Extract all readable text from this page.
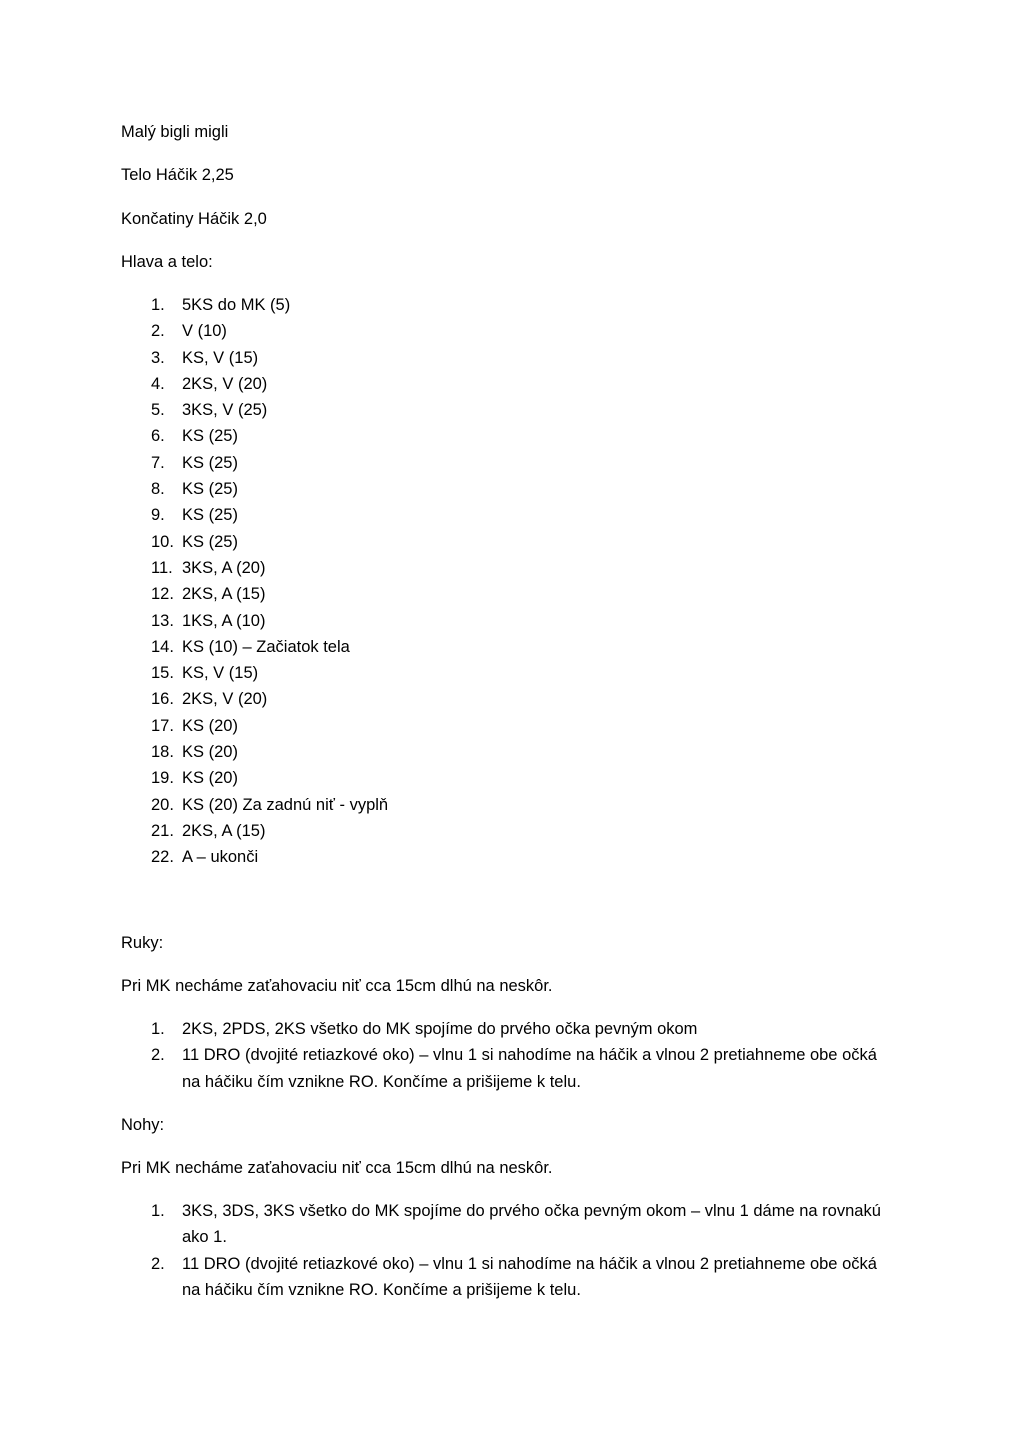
Malý bigli migli

Telo Háčik 2,25

Končatiny Háčik 2,0

Hlava a telo:

1. 5KS do MK (5)
2. V (10)
3. KS, V (15)
4. 2KS, V (20)
5. 3KS, V (25)
6. KS (25)
7. KS (25)
8. KS (25)
9. KS (25)
10. KS (25)
11. 3KS, A (20)
12. 2KS, A (15)
13. 1KS, A (10)
14. KS (10) – Začiatok tela
15. KS, V (15)
16. 2KS, V (20)
17. KS (20)
18. KS (20)
19. KS (20)
20. KS (20) Za zadnú niť - vyplň
21. 2KS, A (15)
22. A – ukonči

Ruky:

Pri MK necháme zaťahovaciu niť cca 15cm dlhú na neskôr.

1. 2KS, 2PDS, 2KS všetko do MK spojíme do prvého očka pevným okom
2. 11 DRO (dvojité retiazkové oko) – vlnu 1 si nahodíme na háčik a vlnou 2 pretiahneme obe očká na háčiku čím vznikne RO. Končíme a prišijeme k telu.

Nohy:

Pri MK necháme zaťahovaciu niť cca 15cm dlhú na neskôr.

1. 3KS, 3DS, 3KS všetko do MK spojíme do prvého očka pevným okom – vlnu 1 dáme na rovnakú ako 1.
2. 11 DRO (dvojité retiazkové oko) – vlnu 1 si nahodíme na háčik a vlnou 2 pretiahneme obe očká na háčiku čím vznikne RO. Končíme a prišijeme k telu.
